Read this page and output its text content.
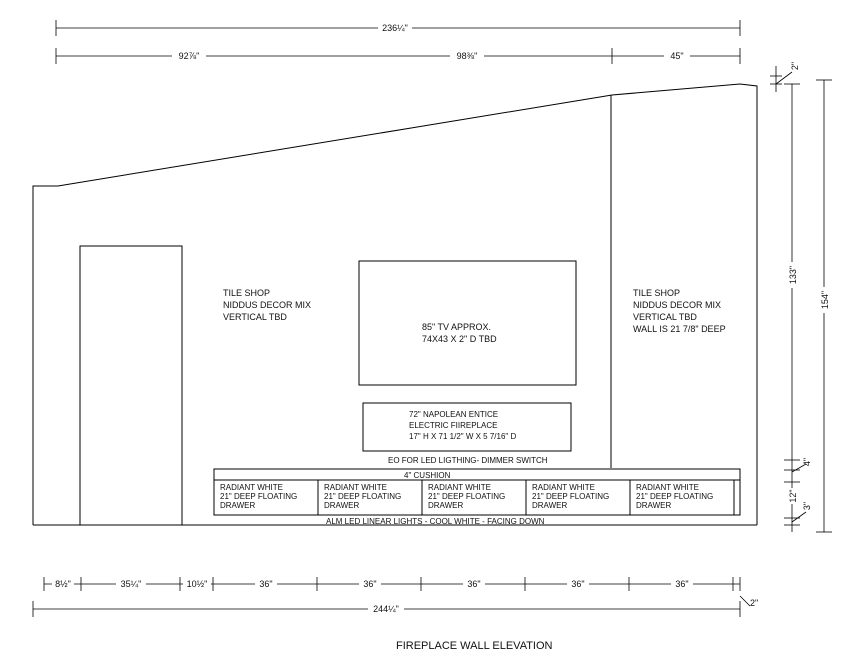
236¼"
92⅞"	98⅜"	45"
TILE SHOP
NIDDUS DECOR MIX
VERTICAL TBD
TILE SHOP
NIDDUS DECOR MIX
VERTICAL TBD
WALL IS 21 7/8" DEEP
85" TV APPROX.
74X43 X 2" D TBD
72" NAPOLEAN ENTICE
ELECTRIC FIIREPLACE
17" H X 71 1/2" W X 5 7/16" D
EO FOR LED LIGTHING- DIMMER SWITCH
4" CUSHION
RADIANT WHITE
21" DEEP FLOATING
DRAWER
RADIANT WHITE
21" DEEP FLOATING
DRAWER
RADIANT WHITE
21" DEEP FLOATING
DRAWER
RADIANT WHITE
21" DEEP FLOATING
DRAWER
RADIANT WHITE
21" DEEP FLOATING
DRAWER
ALM LED LINEAR LIGHTS - COOL WHITE - FACING DOWN
154"
133"
2"
4"
12"
3"
8½"	35¼"	10½"	36"	36"	36"	36"	36"
244¼"
2"
FIREPLACE WALL ELEVATION
